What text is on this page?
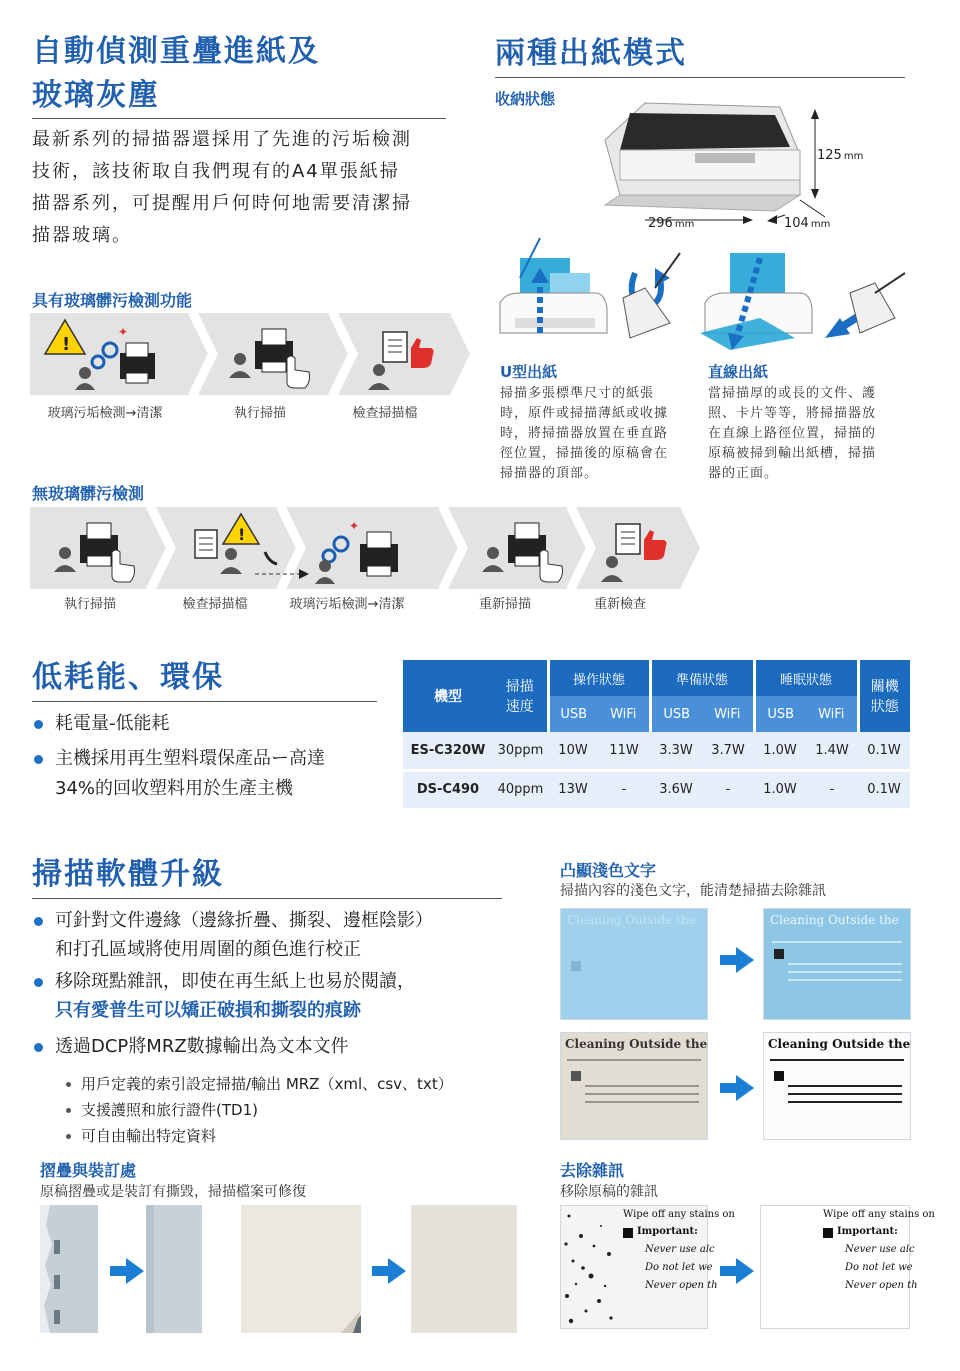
自動偵測重疊進紙及
玻璃灰塵
最新系列的掃描器還採用了先進的污垢檢測
技術，該技術取自我們現有的A4單張紙掃
描器系列，可提醒用戶何時何地需要清潔掃
描器玻璃。
兩種出紙模式
收納狀態
125 mm
296 mm	104 mm
U型出紙
掃描多張標準尺寸的紙張
時，原件或掃描薄紙或收據
時，將掃描器放置在垂直路
徑位置，掃描後的原稿會在
掃描器的頂部。
直線出紙
當掃描厚的或長的文件、護
照、卡片等等，將掃描器放
在直線上路徑位置，掃描的
原稿被掃到輸出紙槽，掃描
器的正面。
具有玻璃髒污檢測功能
!
✦
玻璃污垢檢測→清潔	執行掃描	檢查掃描檔
無玻璃髒污檢測
!	✦
執行掃描	檢查掃描檔	玻璃污垢檢測→清潔	重新掃描	重新檢查
低耗能、環保
耗電量-低能耗
主機採用再生塑料環保產品ー高達
34%的回收塑料用於生產主機
機型	掃描速度	操作狀態		準備狀態		睡眠狀態		關機狀態
		USB	WiFi	USB	WiFi	USB	WiFi	
ES-C320W	30ppm	10W	11W	3.3W	3.7W	1.0W	1.4W	0.1W
DS-C490	40ppm	13W	-	3.6W	-	1.0W	-	0.1W
掃描軟體升級
可針對文件邊緣（邊緣折疊、撕裂、邊框陰影）
和打孔區域將使用周圍的顏色進行校正
移除斑點雜訊，即使在再生紙上也易於閱讀，
只有愛普生可以矯正破損和撕裂的痕跡
透過DCP將MRZ數據輸出為文本文件
用戶定義的索引設定掃描/輸出 MRZ（xml、csv、txt）
支援護照和旅行證件(TD1)
可自由輸出特定資料
摺疊與裝訂處
原稿摺疊或是裝訂有撕毀，掃描檔案可修復
凸顯淺色文字
掃描內容的淺色文字，能清楚掃描去除雜訊
Cleaning Outside the	Cleaning Outside the
Cleaning Outside the	Cleaning Outside the
去除雜訊
移除原稿的雜訊
Wipe off any stains on
Important:
Never use alc
Do not let we
Never open th
Wipe off any stains on
Important:
Never use alc
Do not let we
Never open th
